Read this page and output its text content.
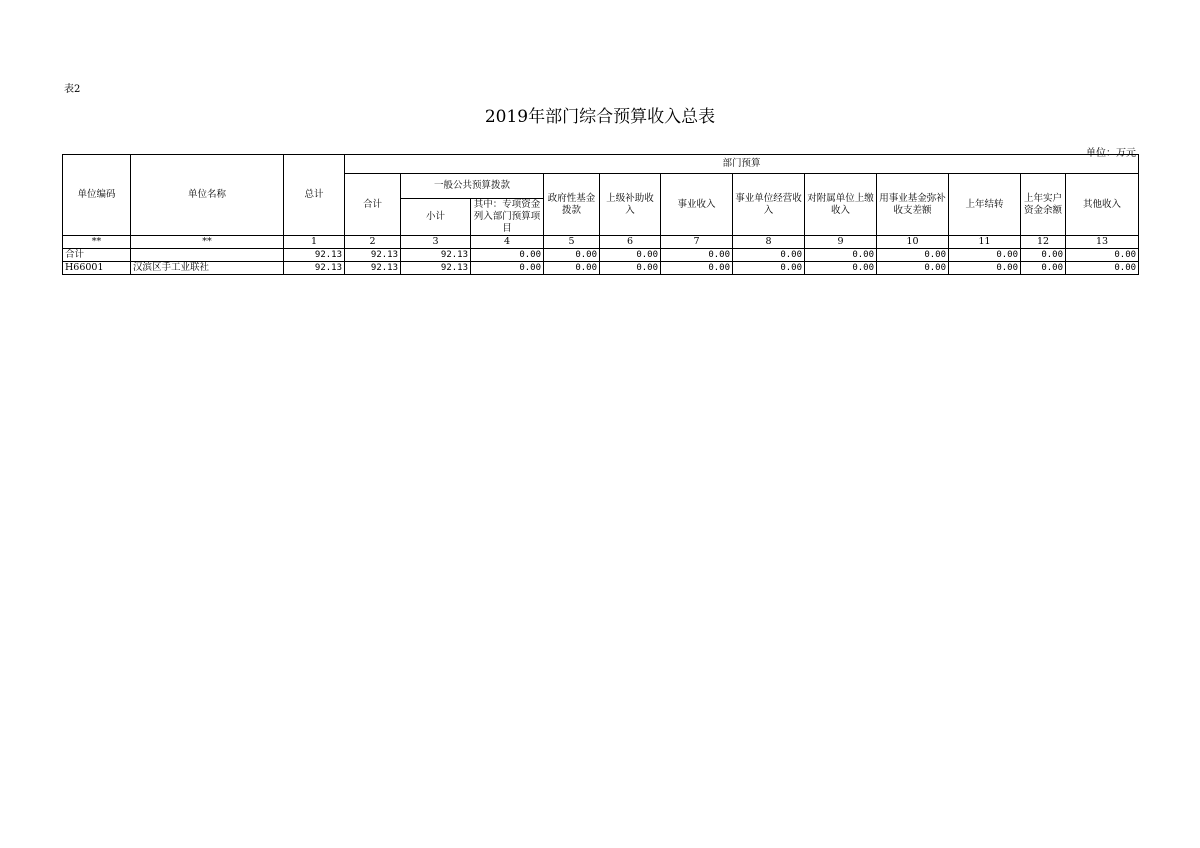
表2
2019年部门综合预算收入总表
单位：万元
单位编码	单位名称	总计	部门预算											
			合计	一般公共预算拨款		政府性基金拨款	上级补助收入	事业收入	事业单位经营收入	对附属单位上缴收入	用事业基金弥补收支差额	上年结转	上年实户资金余额	其他收入
				小计	其中：专项资金列入部门预算项目									
**	**	1	2	3	4	5	6	7	8	9	10	11	12	13
合计		92.13	92.13	92.13	0.00	0.00	0.00	0.00	0.00	0.00	0.00	0.00	0.00	0.00
H66001	汉滨区手工业联社	92.13	92.13	92.13	0.00	0.00	0.00	0.00	0.00	0.00	0.00	0.00	0.00	0.00
